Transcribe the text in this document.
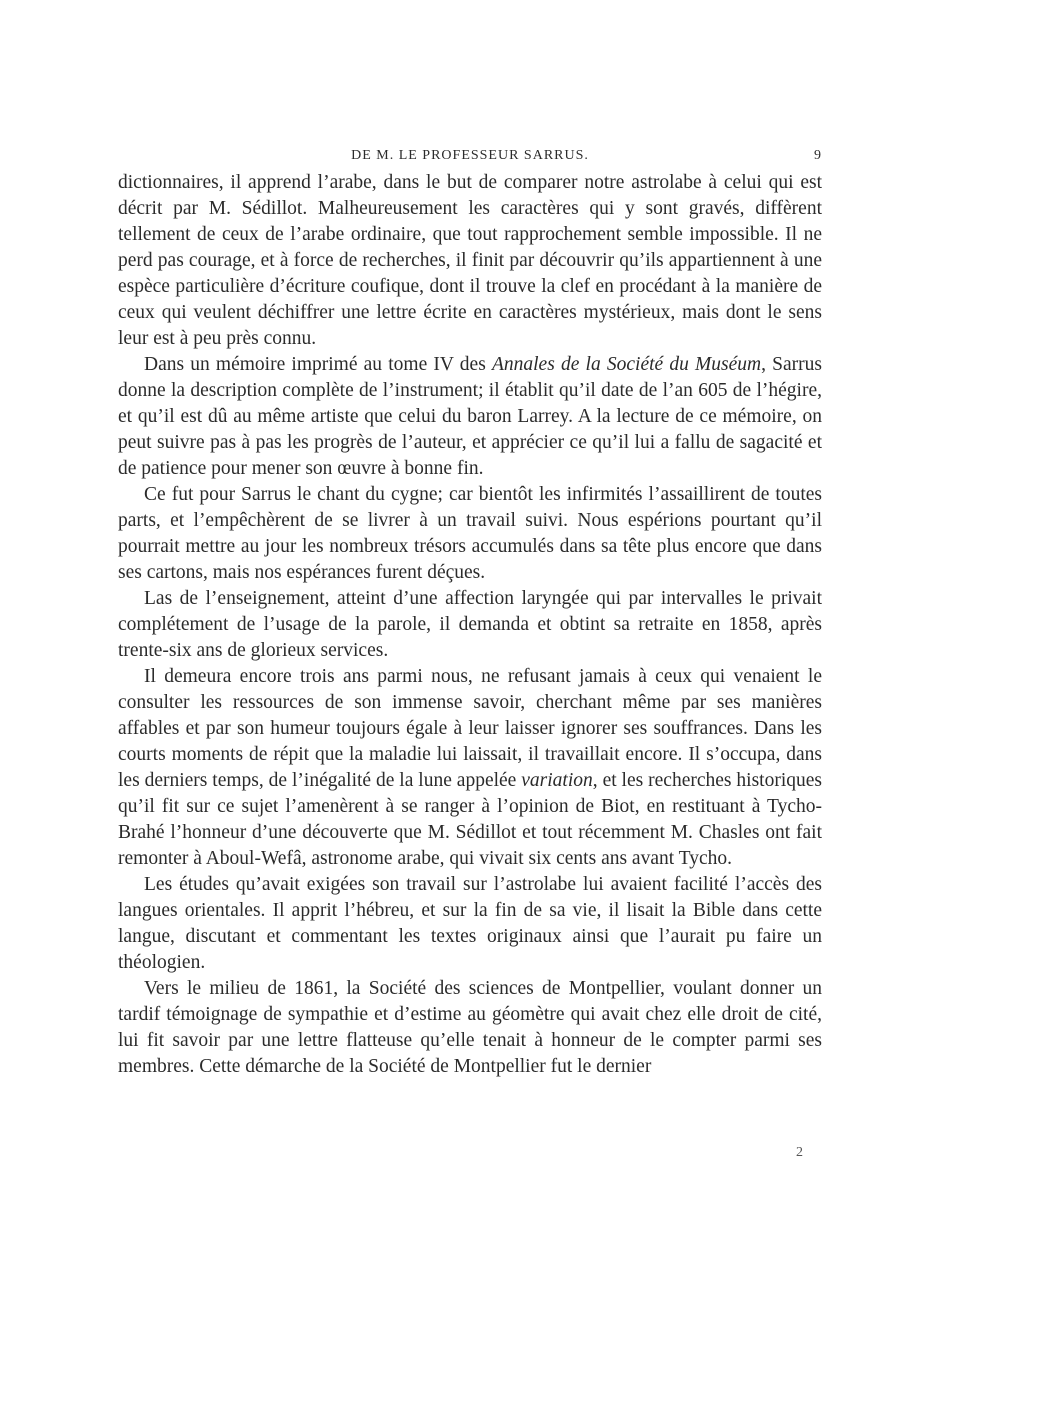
DE M. LE PROFESSEUR SARRUS.	9

dictionnaires, il apprend l’arabe, dans le but de comparer notre astrolabe à celui qui est décrit par M. Sédillot. Malheureusement les caractères qui y sont gravés, diffèrent tellement de ceux de l’arabe ordinaire, que tout rapprochement semble impossible. Il ne perd pas courage, et à force de recherches, il finit par découvrir qu’ils appartiennent à une espèce particulière d’écriture coufique, dont il trouve la clef en procédant à la manière de ceux qui veulent déchiffrer une lettre écrite en caractères mystérieux, mais dont le sens leur est à peu près connu.

Dans un mémoire imprimé au tome IV des Annales de la Société du Muséum, Sarrus donne la description complète de l’instrument; il établit qu’il date de l’an 605 de l’hégire, et qu’il est dû au même artiste que celui du baron Larrey. A la lecture de ce mémoire, on peut suivre pas à pas les progrès de l’auteur, et apprécier ce qu’il lui a fallu de sagacité et de patience pour mener son œuvre à bonne fin.

Ce fut pour Sarrus le chant du cygne; car bientôt les infirmités l’assaillirent de toutes parts, et l’empêchèrent de se livrer à un travail suivi. Nous espérions pourtant qu’il pourrait mettre au jour les nombreux trésors accumulés dans sa tête plus encore que dans ses cartons, mais nos espérances furent déçues.

Las de l’enseignement, atteint d’une affection laryngée qui par intervalles le privait complétement de l’usage de la parole, il demanda et obtint sa retraite en 1858, après trente-six ans de glorieux services.

Il demeura encore trois ans parmi nous, ne refusant jamais à ceux qui venaient le consulter les ressources de son immense savoir, cherchant même par ses manières affables et par son humeur toujours égale à leur laisser ignorer ses souffrances. Dans les courts moments de répit que la maladie lui laissait, il travaillait encore. Il s’occupa, dans les derniers temps, de l’inégalité de la lune appelée variation, et les recherches historiques qu’il fit sur ce sujet l’amenèrent à se ranger à l’opinion de Biot, en restituant à Tycho-Brahé l’honneur d’une découverte que M. Sédillot et tout récemment M. Chasles ont fait remonter à Aboul-Wefâ, astronome arabe, qui vivait six cents ans avant Tycho.

Les études qu’avait exigées son travail sur l’astrolabe lui avaient facilité l’accès des langues orientales. Il apprit l’hébreu, et sur la fin de sa vie, il lisait la Bible dans cette langue, discutant et commentant les textes originaux ainsi que l’aurait pu faire un théologien.

Vers le milieu de 1861, la Société des sciences de Montpellier, voulant donner un tardif témoignage de sympathie et d’estime au géomètre qui avait chez elle droit de cité, lui fit savoir par une lettre flatteuse qu’elle tenait à honneur de le compter parmi ses membres. Cette démarche de la Société de Montpellier fut le dernier

2
